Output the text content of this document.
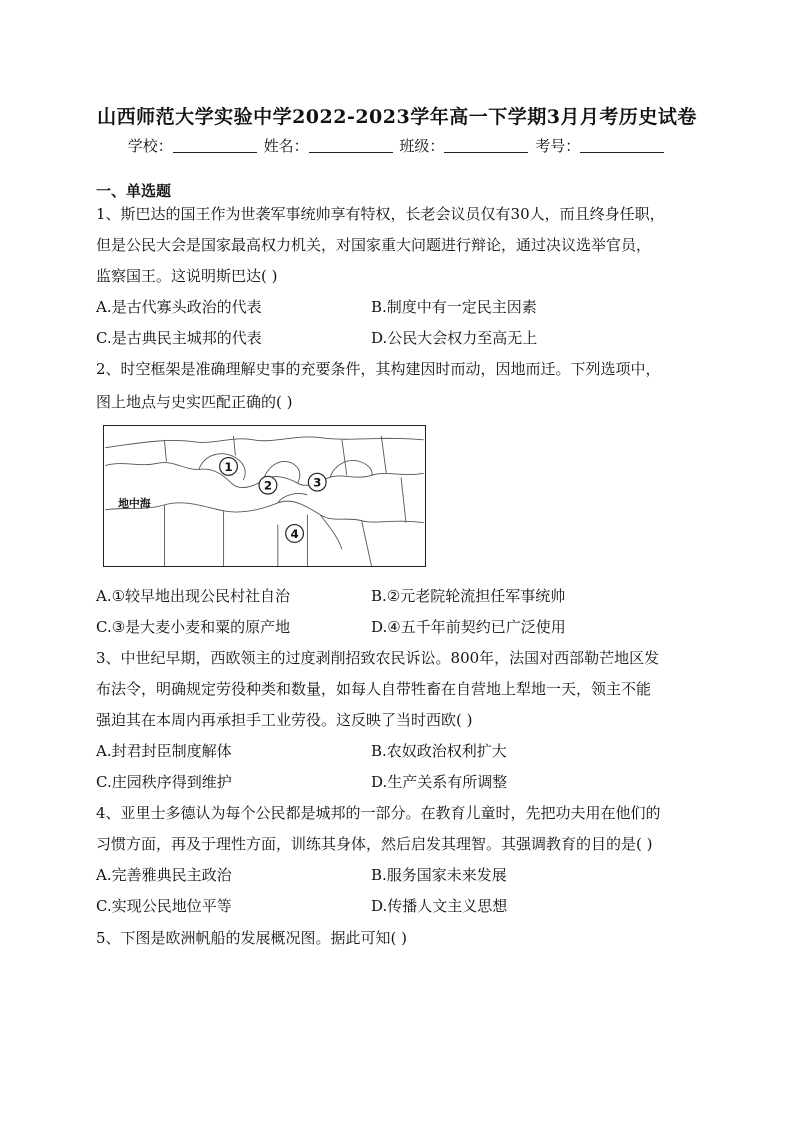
山西师范大学实验中学2022-2023学年高一下学期3月月考历史试卷
学校：	姓名：	班级：	考号：
一、单选题
1、斯巴达的国王作为世袭军事统帅享有特权，长老会议员仅有30人，而且终身任职，
但是公民大会是国家最高权力机关，对国家重大问题进行辩论，通过决议选举官员，
监察国王。这说明斯巴达( )
A.是古代寡头政治的代表	B.制度中有一定民主因素
C.是古典民主城邦的代表	D.公民大会权力至高无上
2、时空框架是准确理解史事的充要条件，其构建因时而动，因地而迁。下列选项中，
图上地点与史实匹配正确的( )
1
2	3
4
地中海
A.①较早地出现公民村社自治	B.②元老院轮流担任军事统帅
C.③是大麦小麦和粟的原产地	D.④五千年前契约已广泛使用
3、中世纪早期，西欧领主的过度剥削招致农民诉讼。800年，法国对西部勒芒地区发
布法令，明确规定劳役种类和数量，如每人自带牲畜在自营地上犁地一天，领主不能
强迫其在本周内再承担手工业劳役。这反映了当时西欧( )
A.封君封臣制度解体	B.农奴政治权利扩大
C.庄园秩序得到维护	D.生产关系有所调整
4、亚里士多德认为每个公民都是城邦的一部分。在教育儿童时，先把功夫用在他们的
习惯方面，再及于理性方面，训练其身体，然后启发其理智。其强调教育的目的是( )
A.完善雅典民主政治	B.服务国家未来发展
C.实现公民地位平等	D.传播人文主义思想
5、下图是欧洲帆船的发展概况图。据此可知( )
